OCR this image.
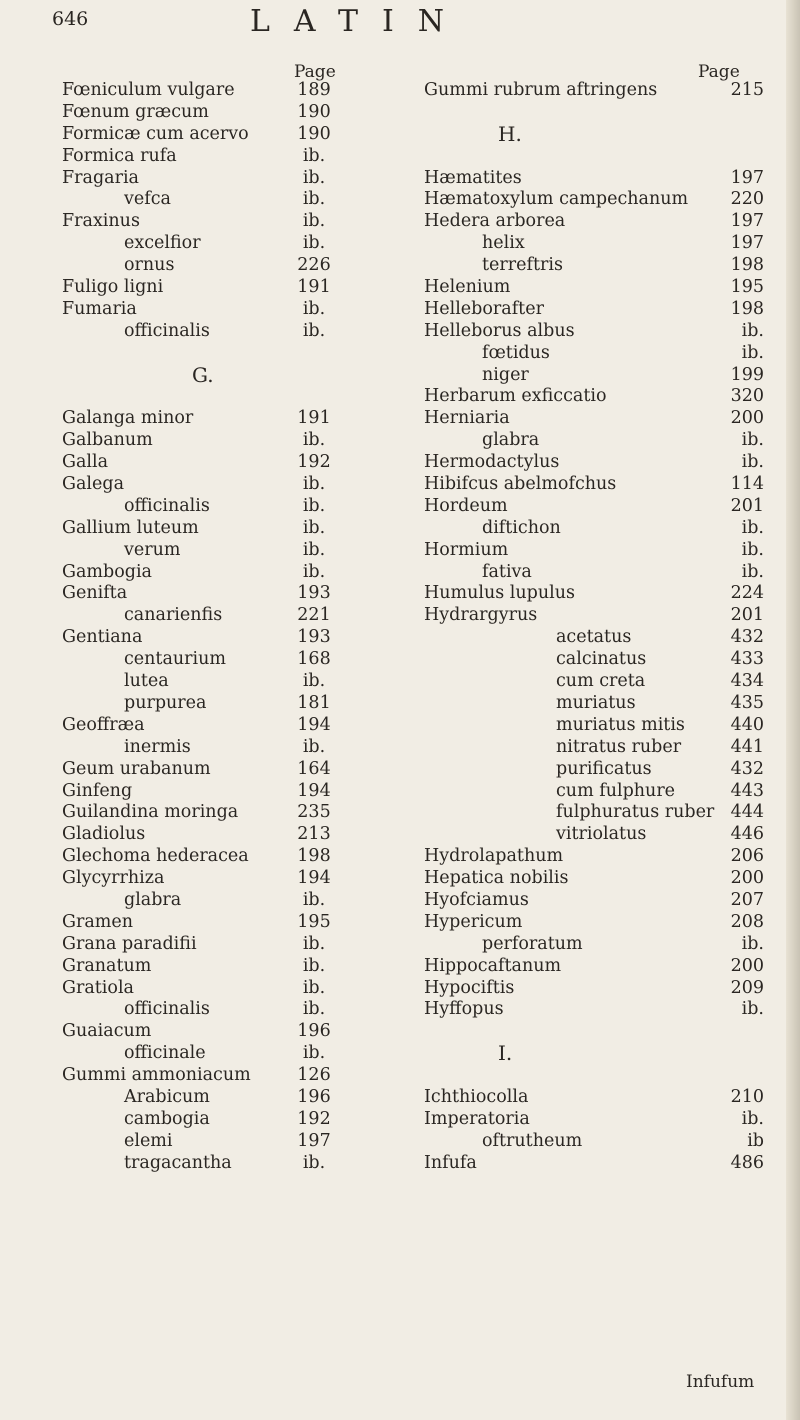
646	LATIN
Page
Fœniculum vulgare	189
Fœnum græcum	190
Formicæ cum acervo	190
Formica rufa	ib.
Fragaria	ib.
vefca	ib.
Fraxinus	ib.
excelfior	ib.
ornus	226
Fuligo ligni	191
Fumaria	ib.
officinalis	ib.
G.
Galanga minor	191
Galbanum	ib.
Galla	192
Galega	ib.
officinalis	ib.
Gallium luteum	ib.
verum	ib.
Gambogia	ib.
Genifta	193
canarienfis	221
Gentiana	193
centaurium	168
lutea	ib.
purpurea	181
Geoffræa	194
inermis	ib.
Geum urabanum	164
Ginfeng	194
Guilandina moringa	235
Gladiolus	213
Glechoma hederacea	198
Glycyrrhiza	194
glabra	ib.
Gramen	195
Grana paradifii	ib.
Granatum	ib.
Gratiola	ib.
officinalis	ib.
Guaiacum	196
officinale	ib.
Gummi ammoniacum	126
Arabicum	196
cambogia	192
elemi	197
tragacantha	ib.
Page
Gummi rubrum aftringens	215
H.
Hæmatites	197
Hæmatoxylum campechanum	220
Hedera arborea	197
helix	197
terreftris	198
Helenium	195
Helleborafter	198
Helleborus albus	ib.
fœtidus	ib.
niger	199
Herbarum exficcatio	320
Herniaria	200
glabra	ib.
Hermodactylus	ib.
Hibifcus abelmofchus	114
Hordeum	201
diftichon	ib.
Hormium	ib.
fativa	ib.
Humulus lupulus	224
Hydrargyrus	201
acetatus	432
calcinatus	433
cum creta	434
muriatus	435
muriatus mitis	440
nitratus ruber	441
purificatus	432
cum fulphure	443
fulphuratus ruber 444
vitriolatus	446
Hydrolapathum	206
Hepatica nobilis	200
Hyofciamus	207
Hypericum	208
perforatum	ib.
Hippocaftanum	200
Hypociftis	209
Hyffopus	ib.
I.
Ichthiocolla	210
Imperatoria	ib.
oftrutheum	ib
Infufa	486
Infufum
